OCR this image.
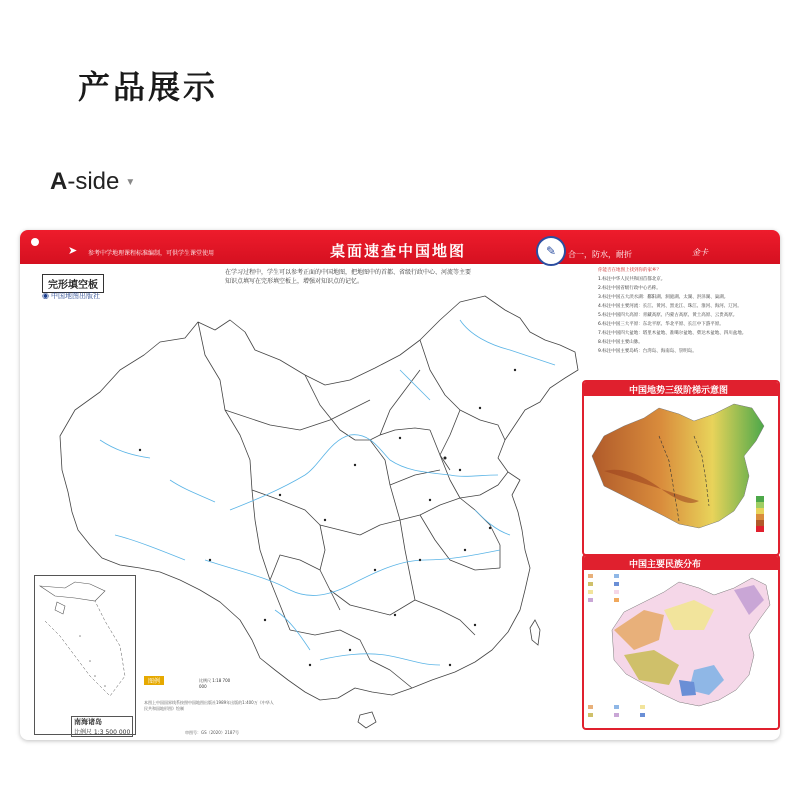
产品展示
A-side ▼
➤ 参考中学地理课程标准编制，可供学生课堂使用	桌面速查中国地图	✎	合一，防水，耐折	金卡
完形填空板
◉ 中国地图出版社
在学习过程中，学生可以参考正面的中国地图，把地图中的首都、省级行政中心、河流等主要知识点填写在完形填空板上，增强对知识点的记忆。
南海诸岛
比例尺 1:3 500 000
图例	比例尺 1:18 700 000
本图上中国国界线系按照中国地图出版社1989年出版的1:400万《中华人民共和国地形图》绘制
审图号：GS（2020）2187号
你能否在地图上找到你的家乡？
1.标注中华人民共和国首都北京。
2.标注中国省级行政中心名称。
3.标注中国五大淡水湖：鄱阳湖、洞庭湖、太湖、洪泽湖、巢湖。
4.标注中国主要河流：长江、黄河、黑龙江、珠江、淮河、海河、辽河。
5.标注中国四大高原：青藏高原、内蒙古高原、黄土高原、云贵高原。
6.标注中国三大平原：东北平原、华北平原、长江中下游平原。
7.标注中国四大盆地：塔里木盆地、准噶尔盆地、柴达木盆地、四川盆地。
8.标注中国主要山脉。
9.标注中国主要岛屿：台湾岛、海南岛、崇明岛。
中国地势三级阶梯示意图
中国主要民族分布
